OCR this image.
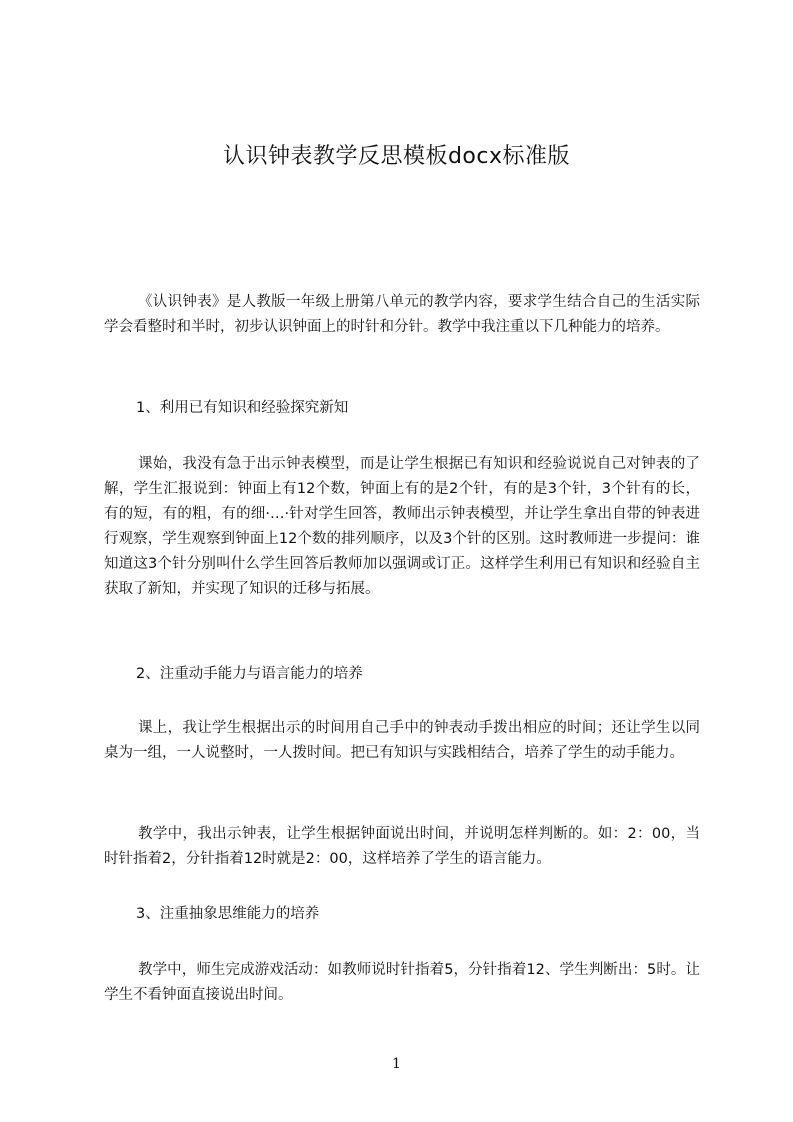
认识钟表教学反思模板docx标准版

《认识钟表》是人教版一年级上册第八单元的教学内容，要求学生结合自己的生活实际学会看整时和半时，初步认识钟面上的时针和分针。教学中我注重以下几种能力的培养。

1、利用已有知识和经验探究新知

课始，我没有急于出示钟表模型，而是让学生根据已有知识和经验说说自己对钟表的了解，学生汇报说到：钟面上有12个数，钟面上有的是2个针，有的是3个针，3个针有的长，有的短，有的粗，有的细·…·针对学生回答，教师出示钟表模型，并让学生拿出自带的钟表进行观察，学生观察到钟面上12个数的排列顺序，以及3个针的区别。这时教师进一步提问：谁知道这3个针分别叫什么学生回答后教师加以强调或订正。这样学生利用已有知识和经验自主获取了新知，并实现了知识的迁移与拓展。

2、注重动手能力与语言能力的培养

课上，我让学生根据出示的时间用自己手中的钟表动手拨出相应的时间；还让学生以同桌为一组，一人说整时，一人拨时间。把已有知识与实践相结合，培养了学生的动手能力。

教学中，我出示钟表，让学生根据钟面说出时间，并说明怎样判断的。如：2：00，当时针指着2，分针指着12时就是2：00，这样培养了学生的语言能力。

3、注重抽象思维能力的培养

教学中，师生完成游戏活动：如教师说时针指着5，分针指着12、学生判断出：5时。让学生不看钟面直接说出时间。

1
